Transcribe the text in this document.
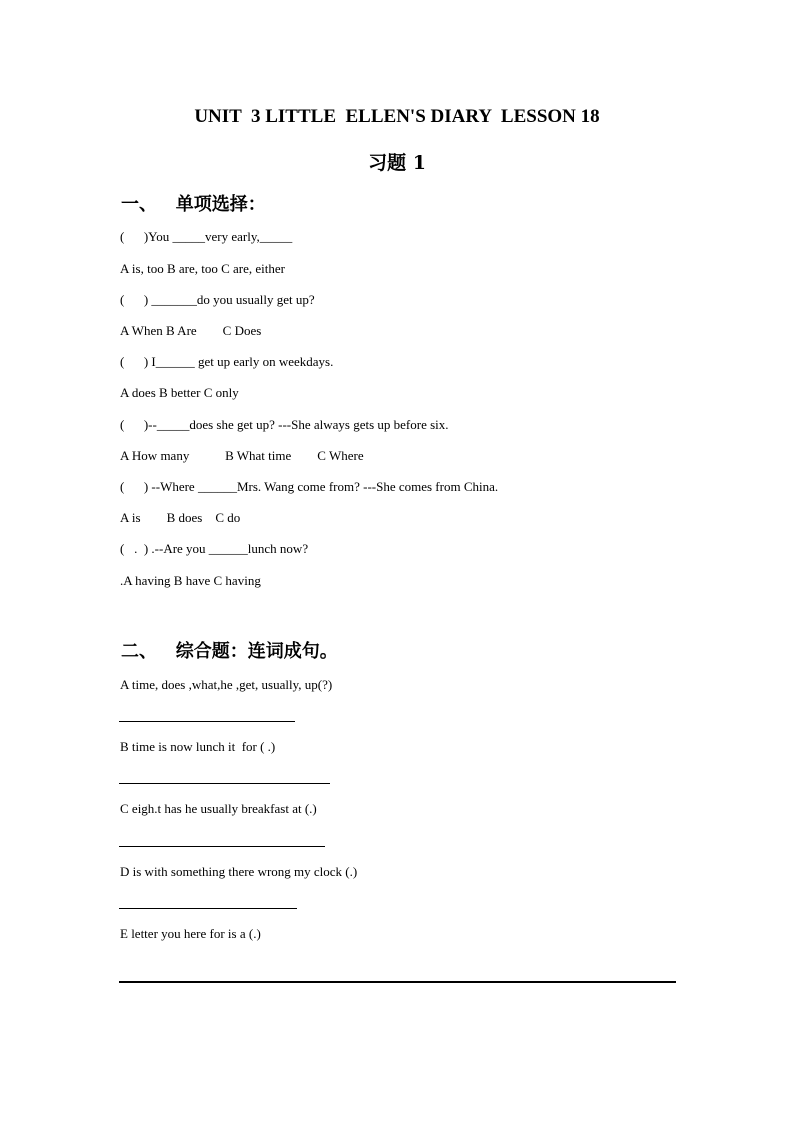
UNIT  3 LITTLE  ELLEN'S DIARY  LESSON 18
习题 1
一、   单项选择：
(      )You _____very early,_____
A is, too B are, too C are, either
(      ) _______do you usually get up?
A When B Are        C Does
(      ) I______ get up early on weekdays.
A does B better C only
(      )--_____does she get up? ---She always gets up before six.
A How many           B What time        C Where
(      ) --Where ______Mrs. Wang come from? ---She comes from China.
A is        B does    C do
(   .  ) .--Are you ______lunch now?
.A having B have C having
二、   综合题：连词成句。
A time, does ,what,he ,get, usually, up(?)
B time is now lunch it  for ( .)
C eigh.t has he usually breakfast at (.)
D is with something there wrong my clock (.)
E letter you here for is a (.)
